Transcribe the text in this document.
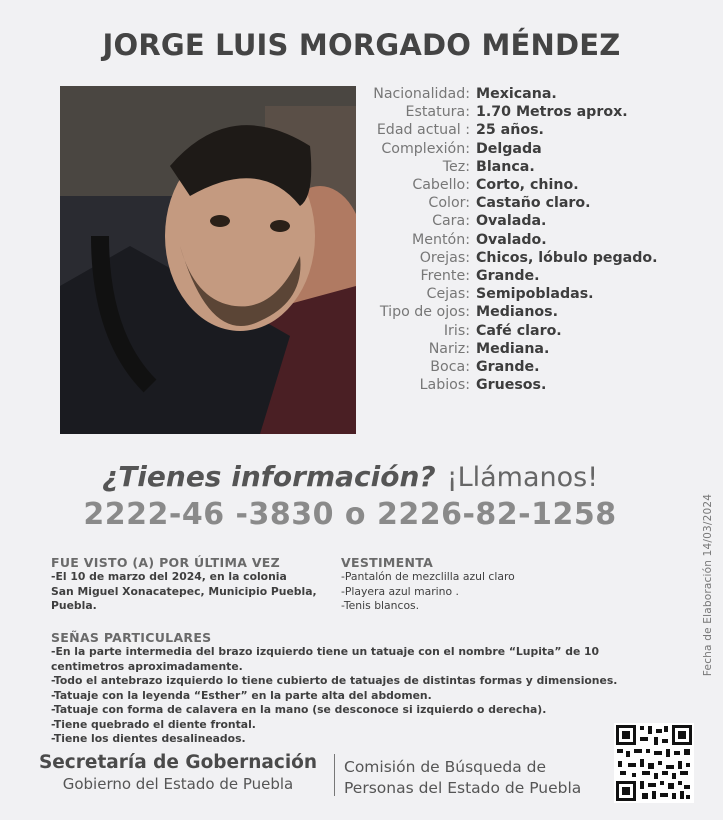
JORGE LUIS MORGADO MÉNDEZ
Nacionalidad: Mexicana.
Estatura: 1.70 Metros aprox.
Edad actual : 25 años.
Complexión: Delgada
Tez: Blanca.
Cabello: Corto, chino.
Color: Castaño claro.
Cara: Ovalada.
Mentón: Ovalado.
Orejas: Chicos, lóbulo pegado.
Frente: Grande.
Cejas: Semipobladas.
Tipo de ojos: Medianos.
Iris: Café claro.
Nariz: Mediana.
Boca: Grande.
Labios: Gruesos.
¿Tienes información? ¡Llámanos!
2222-46 -3830 o 2226-82-1258	Fecha de Elaboración 14/03/2024
FUE VISTO (A) POR ÚLTIMA VEZ
-El 10 de marzo del 2024, en la colonia
San Miguel Xonacatepec, Municipio Puebla,
Puebla.
VESTIMENTA
-Pantalón de mezclilla azul claro
-Playera azul marino .
-Tenis blancos.
SEÑAS PARTICULARES
-En la parte intermedia del brazo izquierdo tiene un tatuaje con el nombre “Lupita” de 10
centimetros aproximadamente.
-Todo el antebrazo izquierdo lo tiene cubierto de tatuajes de distintas formas y dimensiones.
-Tatuaje con la leyenda “Esther” en la parte alta del abdomen.
-Tatuaje con forma de calavera en la mano (se desconoce si izquierdo o derecha).
-Tiene quebrado el diente frontal.
-Tiene los dientes desalineados.
Secretaría de Gobernación
Gobierno del Estado de Puebla
Comisión de Búsqueda de
Personas del Estado de Puebla
